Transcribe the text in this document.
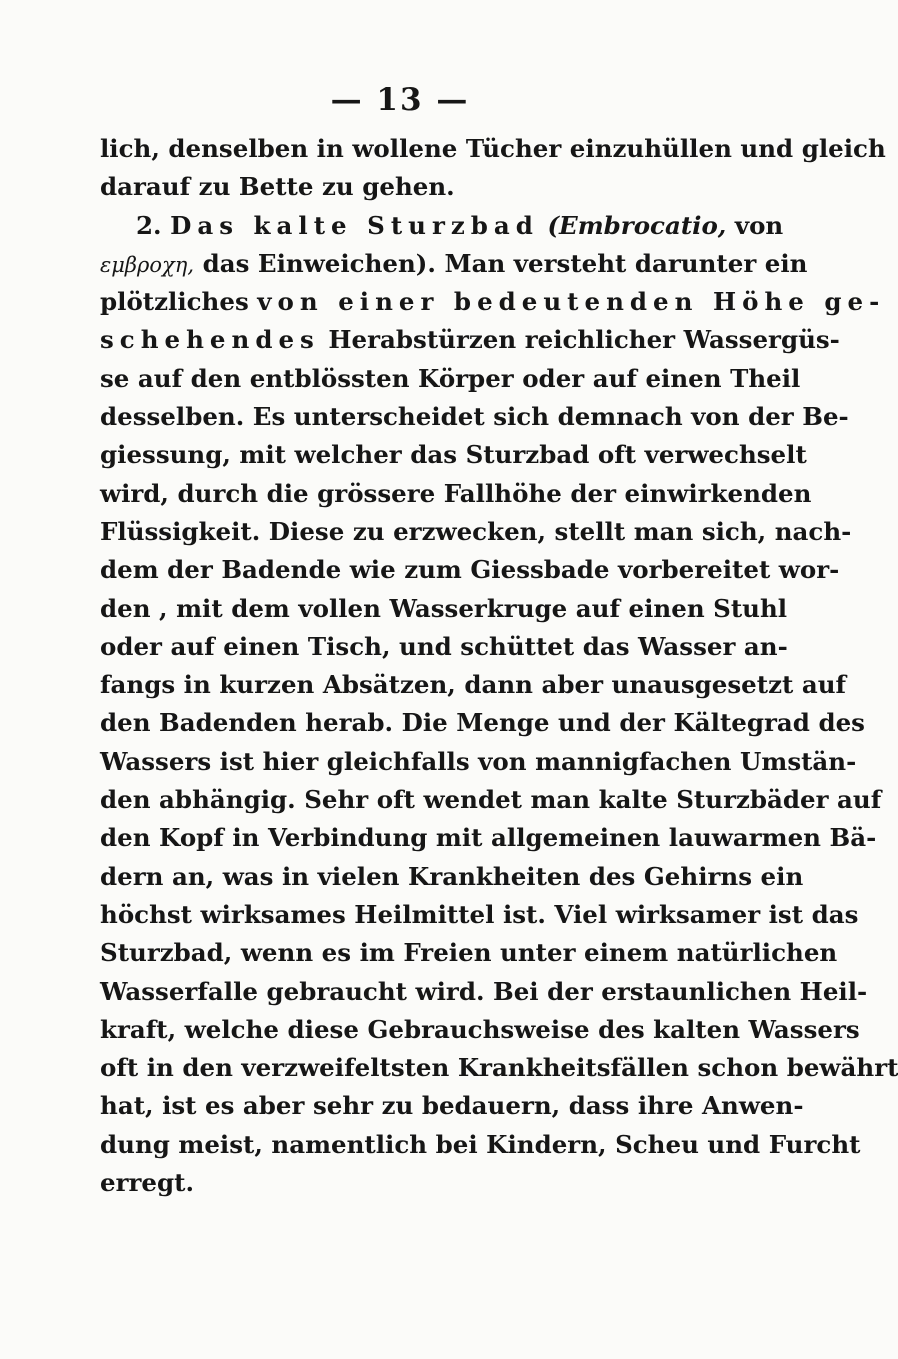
— 13 —
lich, denselben in wollene Tücher einzuhüllen und gleich
darauf zu Bette zu gehen.
2. Das kalte Sturzbad (Embrocatio, von
εμβροχη, das Einweichen). Man versteht darunter ein
plötzliches von einer bedeutenden Höhe ge-
schehendes Herabstürzen reichlicher Wassergüs-
se auf den entblössten Körper oder auf einen Theil
desselben. Es unterscheidet sich demnach von der Be-
giessung, mit welcher das Sturzbad oft verwechselt
wird, durch die grössere Fallhöhe der einwirkenden
Flüssigkeit. Diese zu erzwecken, stellt man sich, nach-
dem der Badende wie zum Giessbade vorbereitet wor-
den , mit dem vollen Wasserkruge auf einen Stuhl
oder auf einen Tisch, und schüttet das Wasser an-
fangs in kurzen Absätzen, dann aber unausgesetzt auf
den Badenden herab. Die Menge und der Kältegrad des
Wassers ist hier gleichfalls von mannigfachen Umstän-
den abhängig. Sehr oft wendet man kalte Sturzbäder auf
den Kopf in Verbindung mit allgemeinen lauwarmen Bä-
dern an, was in vielen Krankheiten des Gehirns ein
höchst wirksames Heilmittel ist. Viel wirksamer ist das
Sturzbad, wenn es im Freien unter einem natürlichen
Wasserfalle gebraucht wird. Bei der erstaunlichen Heil-
kraft, welche diese Gebrauchsweise des kalten Wassers
oft in den verzweifeltsten Krankheitsfällen schon bewährt
hat, ist es aber sehr zu bedauern, dass ihre Anwen-
dung meist, namentlich bei Kindern, Scheu und Furcht
erregt.
